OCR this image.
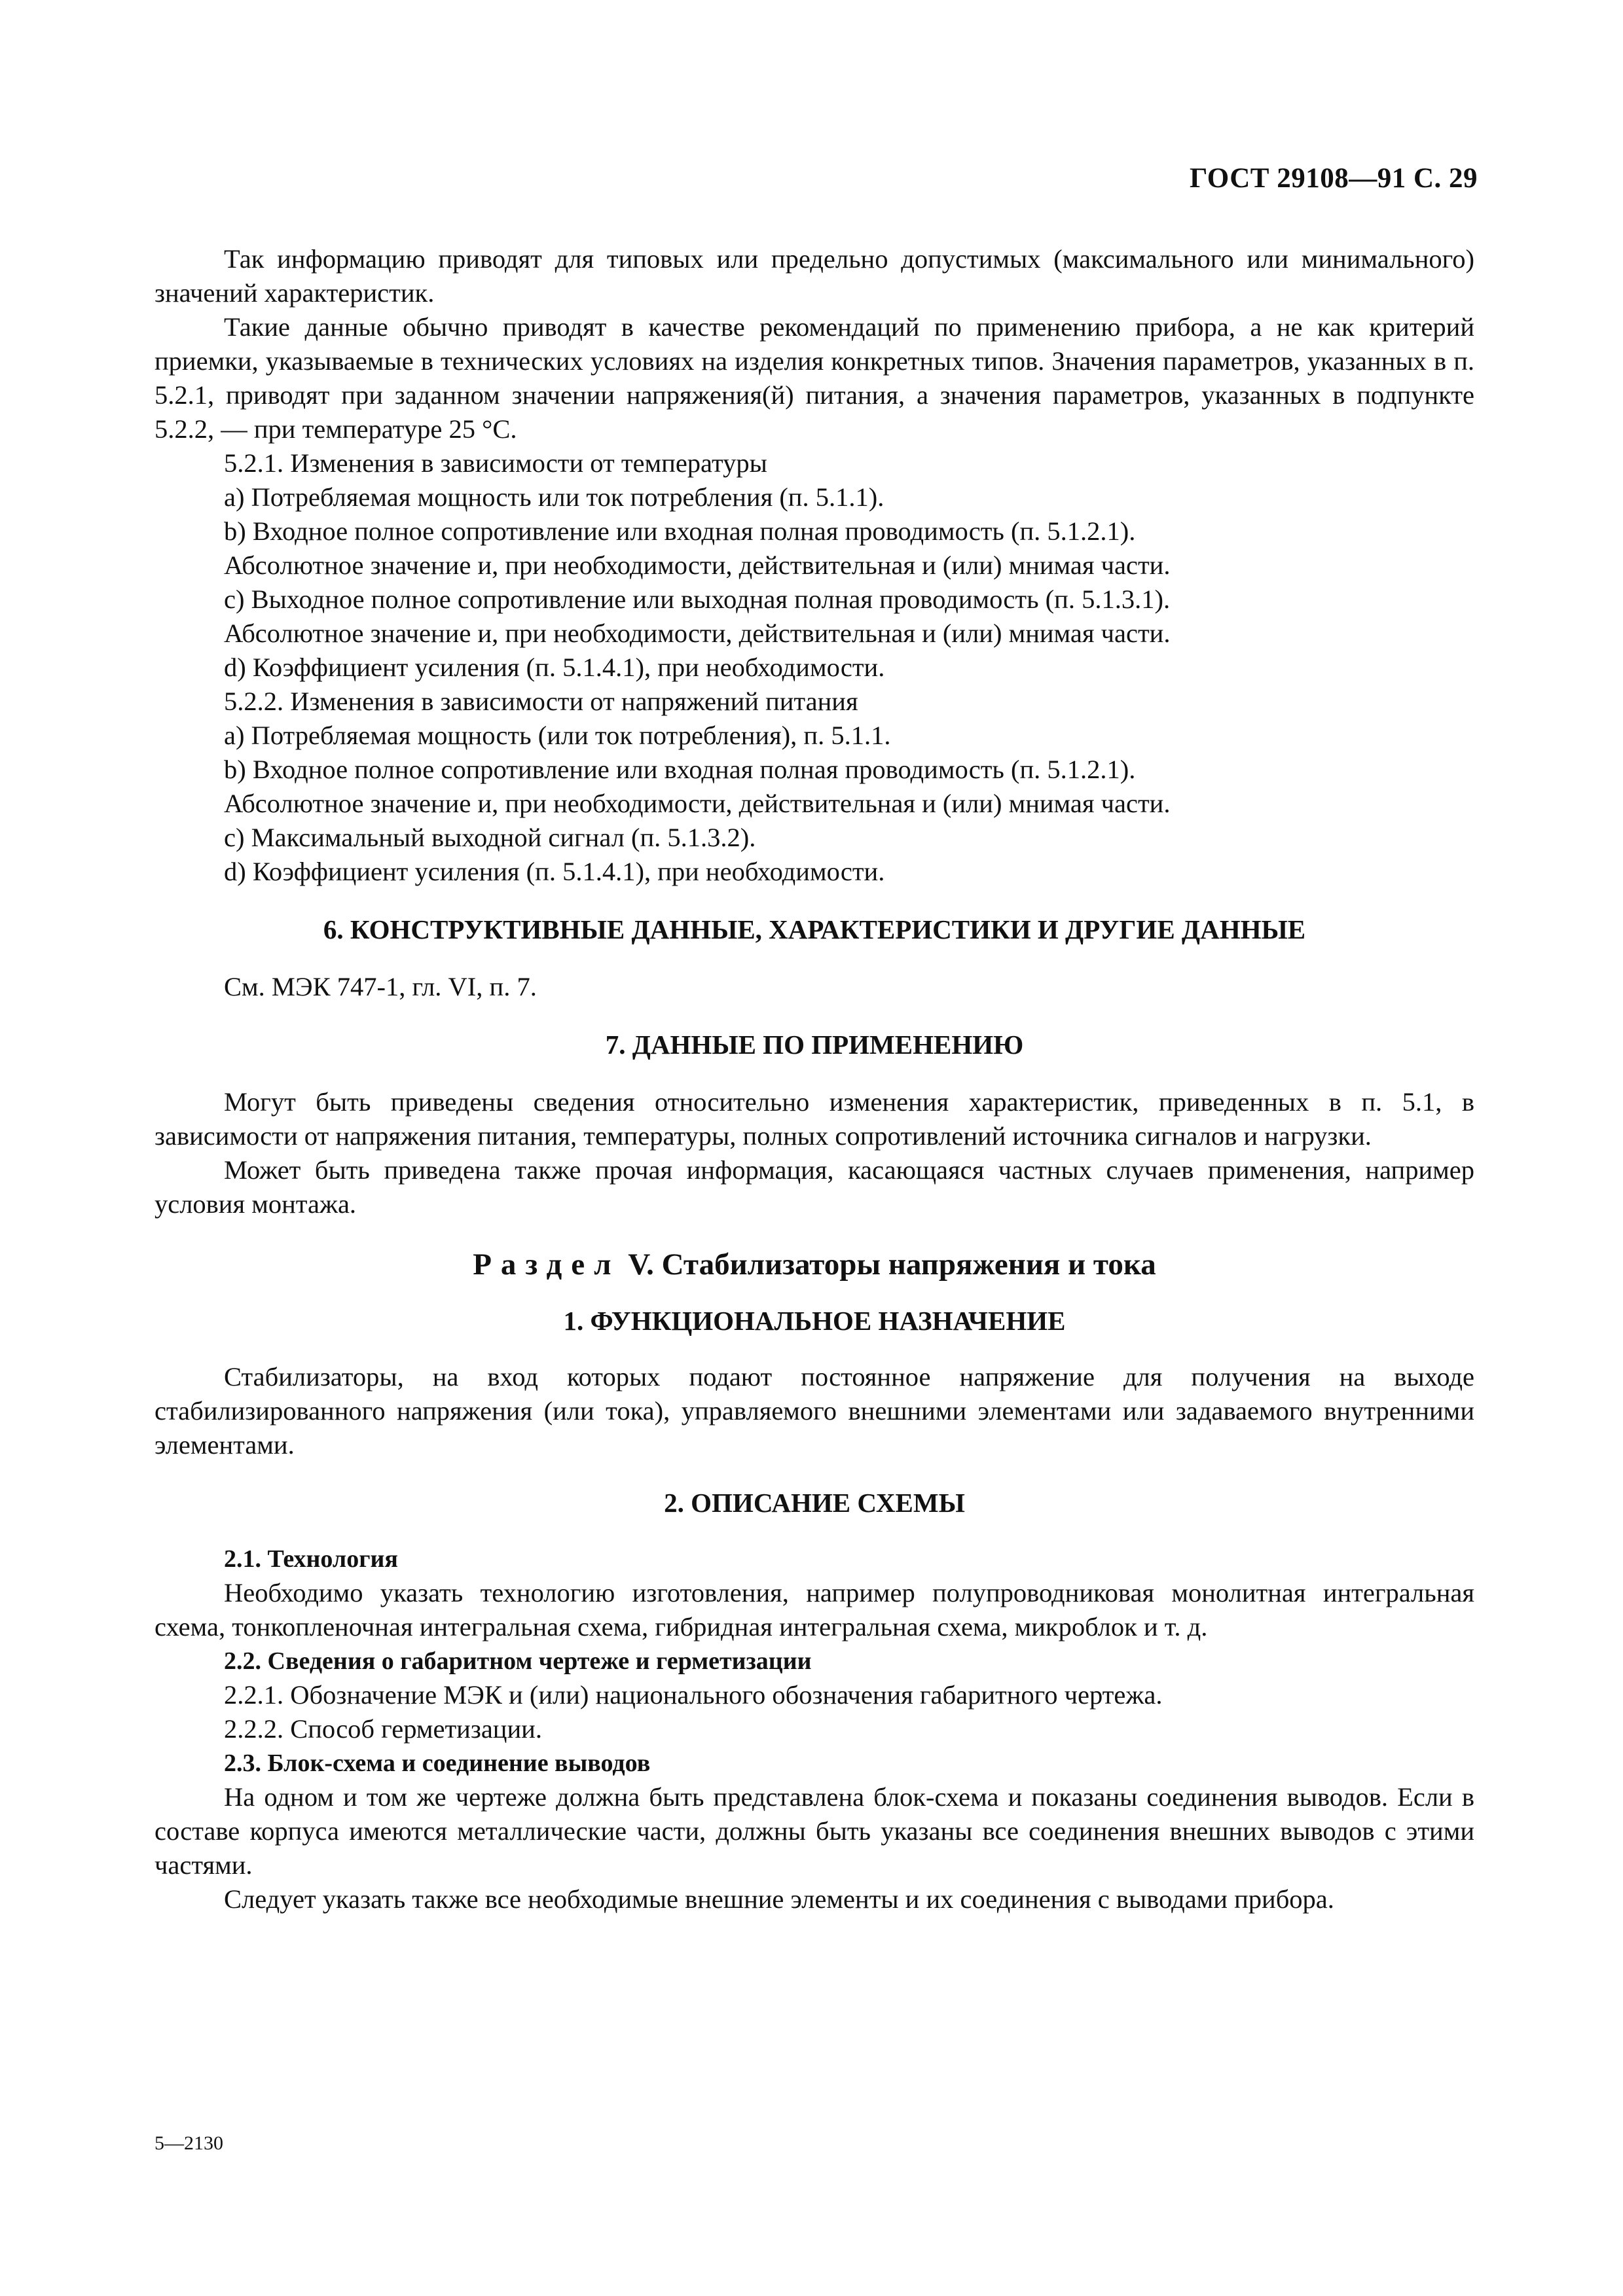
ГОСТ 29108—91 С. 29

Так информацию приводят для типовых или предельно допустимых (максимального или минимального) значений характеристик.

Такие данные обычно приводят в качестве рекомендаций по применению прибора, а не как критерий приемки, указываемые в технических условиях на изделия конкретных типов. Значения параметров, указанных в п. 5.2.1, приводят при заданном значении напряжения(й) питания, а значения параметров, указанных в подпункте 5.2.2, — при температуре 25 °C.

5.2.1. Изменения в зависимости от температуры

a) Потребляемая мощность или ток потребления (п. 5.1.1).

b) Входное полное сопротивление или входная полная проводимость (п. 5.1.2.1).

Абсолютное значение и, при необходимости, действительная и (или) мнимая части.

c) Выходное полное сопротивление или выходная полная проводимость (п. 5.1.3.1).

Абсолютное значение и, при необходимости, действительная и (или) мнимая части.

d) Коэффициент усиления (п. 5.1.4.1), при необходимости.

5.2.2. Изменения в зависимости от напряжений питания

a) Потребляемая мощность (или ток потребления), п. 5.1.1.

b) Входное полное сопротивление или входная полная проводимость (п. 5.1.2.1).

Абсолютное значение и, при необходимости, действительная и (или) мнимая части.

c) Максимальный выходной сигнал (п. 5.1.3.2).

d) Коэффициент усиления (п. 5.1.4.1), при необходимости.

6. КОНСТРУКТИВНЫЕ ДАННЫЕ, ХАРАКТЕРИСТИКИ И ДРУГИЕ ДАННЫЕ

См. МЭК 747-1, гл. VI, п. 7.

7. ДАННЫЕ ПО ПРИМЕНЕНИЮ

Могут быть приведены сведения относительно изменения характеристик, приведенных в п. 5.1, в зависимости от напряжения питания, температуры, полных сопротивлений источника сигналов и нагрузки.

Может быть приведена также прочая информация, касающаяся частных случаев применения, например условия монтажа.

Раздел V. Стабилизаторы напряжения и тока

1. ФУНКЦИОНАЛЬНОЕ НАЗНАЧЕНИЕ

Стабилизаторы, на вход которых подают постоянное напряжение для получения на выходе стабилизированного напряжения (или тока), управляемого внешними элементами или задаваемого внутренними элементами.

2. ОПИСАНИЕ СХЕМЫ

2.1. Технология

Необходимо указать технологию изготовления, например полупроводниковая монолитная интегральная схема, тонкопленочная интегральная схема, гибридная интегральная схема, микроблок и т. д.

2.2. Сведения о габаритном чертеже и герметизации

2.2.1. Обозначение МЭК и (или) национального обозначения габаритного чертежа.

2.2.2. Способ герметизации.

2.3. Блок-схема и соединение выводов

На одном и том же чертеже должна быть представлена блок-схема и показаны соединения выводов. Если в составе корпуса имеются металлические части, должны быть указаны все соединения внешних выводов с этими частями.

Следует указать также все необходимые внешние элементы и их соединения с выводами прибора.

5—2130
